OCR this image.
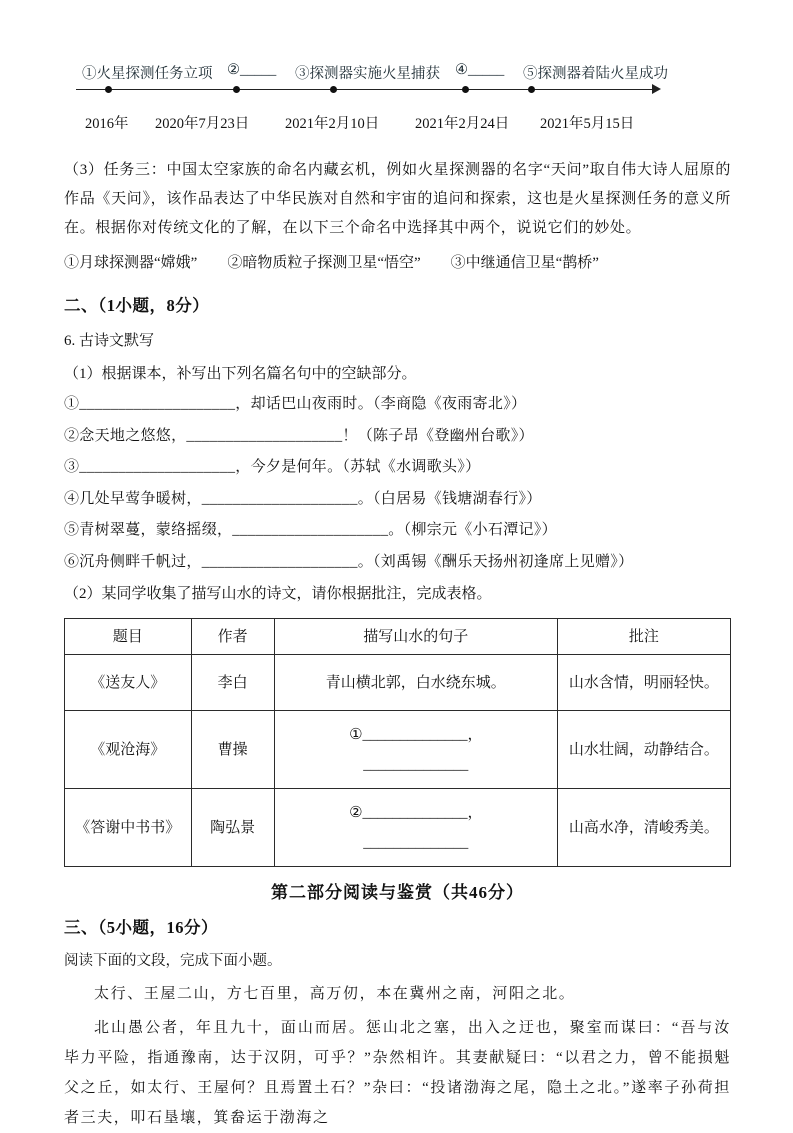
①火星探测任务立项 ②_____ ③探测器实施火星捕获 ④_____ ⑤探测器着陆火星成功
2016年 2020年7月23日 2021年2月10日 2021年2月24日 2021年5月15日

（3）任务三：中国太空家族的命名内藏玄机，例如火星探测器的名字“天问”取自伟大诗人屈原的作品《天问》，该作品表达了中华民族对自然和宇宙的追问和探索，这也是火星探测任务的意义所在。根据你对传统文化的了解，在以下三个命名中选择其中两个，说说它们的妙处。

①月球探测器“嫦娥”　　②暗物质粒子探测卫星“悟空”　　③中继通信卫星“鹊桥”

二、（1小题，8分）

6. 古诗文默写

（1）根据课本，补写出下列名篇名句中的空缺部分。

①____________________，却话巴山夜雨时。（李商隐《夜雨寄北》）

②念天地之悠悠，____________________！（陈子昂《登幽州台歌》）

③____________________，今夕是何年。（苏轼《水调歌头》）

④几处早莺争暖树，____________________。（白居易《钱塘湖春行》）

⑤青树翠蔓，蒙络摇缀，____________________。（柳宗元《小石潭记》）

⑥沉舟侧畔千帆过，____________________。（刘禹锡《酬乐天扬州初逢席上见赠》）

（2）某同学收集了描写山水的诗文，请你根据批注，完成表格。

题目	作者	描写山水的句子	批注
《送友人》	李白	青山横北郭，白水绕东城。	山水含情，明丽轻快。
《观沧海》	曹操	①______________，
______________	山水壮阔，动静结合。
《答谢中书书》	陶弘景	②______________，
______________	山高水净，清峻秀美。
第二部分阅读与鉴赏（共46分）
三、（5小题，16分）

阅读下面的文段，完成下面小题。

太行、王屋二山，方七百里，高万仞，本在冀州之南，河阳之北。

北山愚公者，年且九十，面山而居。惩山北之塞，出入之迂也，聚室而谋曰：“吾与汝毕力平险，指通豫南，达于汉阴，可乎？”杂然相许。其妻献疑曰：“以君之力，曾不能损魁父之丘，如太行、王屋何？且焉置土石？”杂曰：“投诸渤海之尾，隐土之北。”遂率子孙荷担者三夫，叩石垦壤，箕畚运于渤海之
